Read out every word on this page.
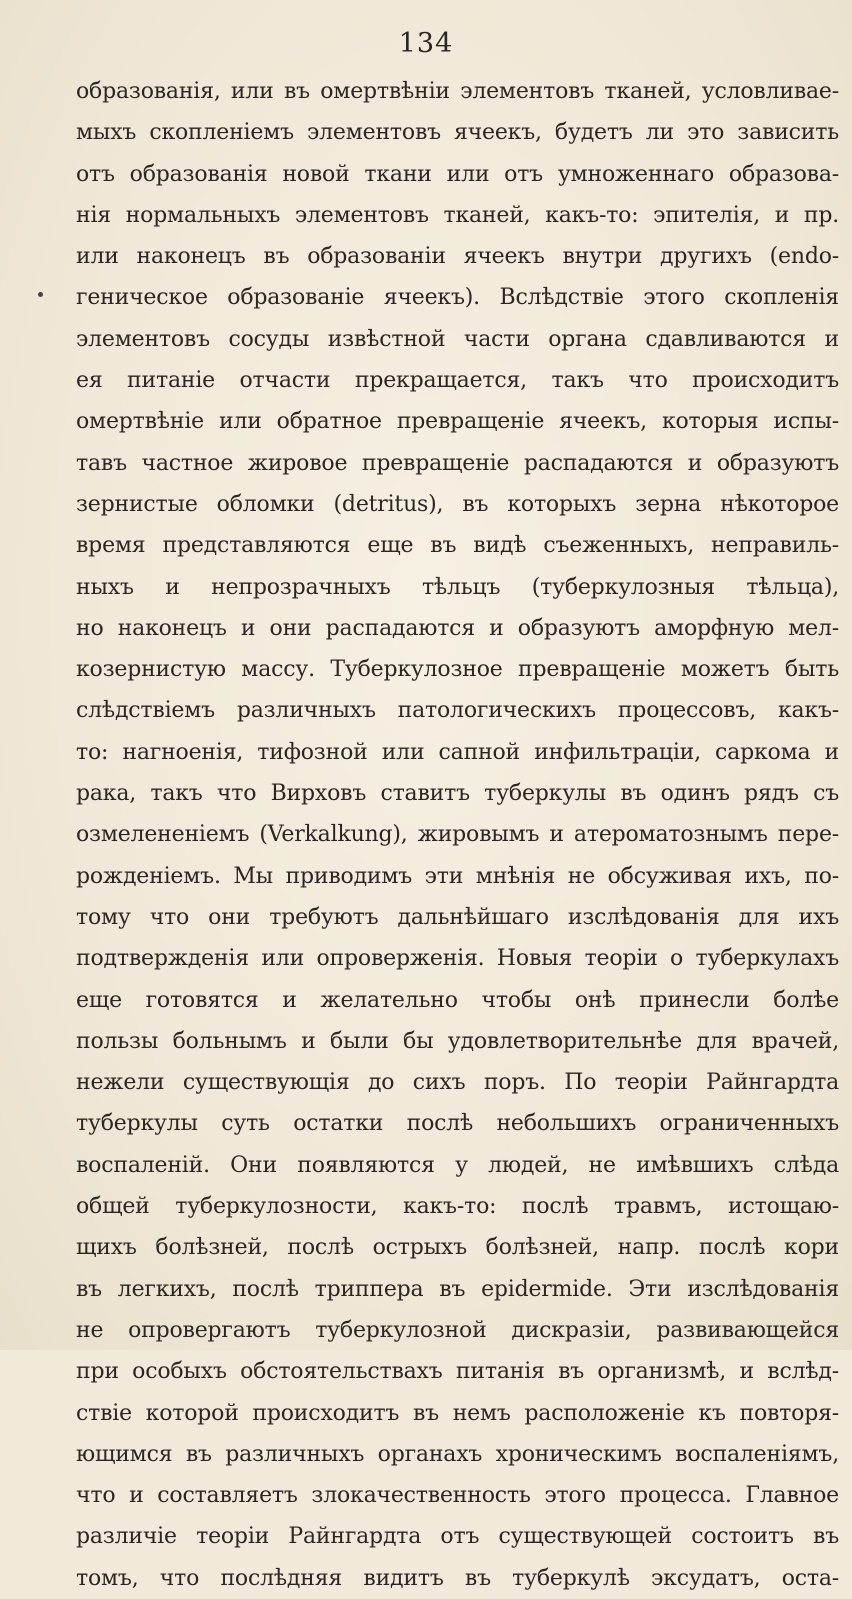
134
образованія, или въ омертвѣніи элементовъ тканей, условливае-
мыхъ скопленіемъ элементовъ ячеекъ, будетъ ли это зависить
отъ образованія новой ткани или отъ умноженнаго образова-
нія нормальныхъ элементовъ тканей, какъ-то: эпителія, и пр.
или наконецъ въ образованіи ячеекъ внутри другихъ (endo-
геническое образованіе ячеекъ). Вслѣдствіе этого скопленія
элементовъ сосуды извѣстной части органа сдавливаются и
ея питаніе отчасти прекращается, такъ что происходитъ
омертвѣніе или обратное превращеніе ячеекъ, которыя испы-
тавъ частное жировое превращеніе распадаются и образуютъ
зернистые обломки (detritus), въ которыхъ зерна нѣкоторое
время представляются еще въ видѣ съеженныхъ, неправиль-
ныхъ и непрозрачныхъ тѣльцъ (туберкулозныя тѣльца),
но наконецъ и они распадаются и образуютъ аморфную мел-
козернистую массу. Туберкулозное превращеніе можетъ быть
слѣдствіемъ различныхъ патологическихъ процессовъ, какъ-
то: нагноенія, тифозной или сапной инфильтраціи, саркома и
рака, такъ что Вирховъ ставитъ туберкулы въ одинъ рядъ съ
озмелененіемъ (Verkalkung), жировымъ и атероматознымъ пере-
рожденіемъ. Мы приводимъ эти мнѣнія не обсуживая ихъ, по-
тому что они требуютъ дальнѣйшаго изслѣдованія для ихъ
подтвержденія или опроверженія. Новыя теоріи о туберкулахъ
еще готовятся и желательно чтобы онѣ принесли болѣе
пользы больнымъ и были бы удовлетворительнѣе для врачей,
нежели существующія до сихъ поръ. По теоріи Райнгардта
туберкулы суть остатки послѣ небольшихъ ограниченныхъ
воспаленій. Они появляются у людей, не имѣвшихъ слѣда
общей туберкулозности, какъ-то: послѣ травмъ, истощаю-
щихъ болѣзней, послѣ острыхъ болѣзней, напр. послѣ кори
въ легкихъ, послѣ триппера въ epidermide. Эти изслѣдованія
не опровергаютъ туберкулозной дискразіи, развивающейся
при особыхъ обстоятельствахъ питанія въ организмѣ, и вслѣд-
ствіе которой происходитъ въ немъ расположеніе къ повторя-
ющимся въ различныхъ органахъ хроническимъ воспаленіямъ,
что и составляетъ злокачественность этого процесса. Главное
различіе теоріи Райнгардта отъ существующей состоитъ въ
томъ, что послѣдняя видитъ въ туберкулѣ эксудатъ, оста-
